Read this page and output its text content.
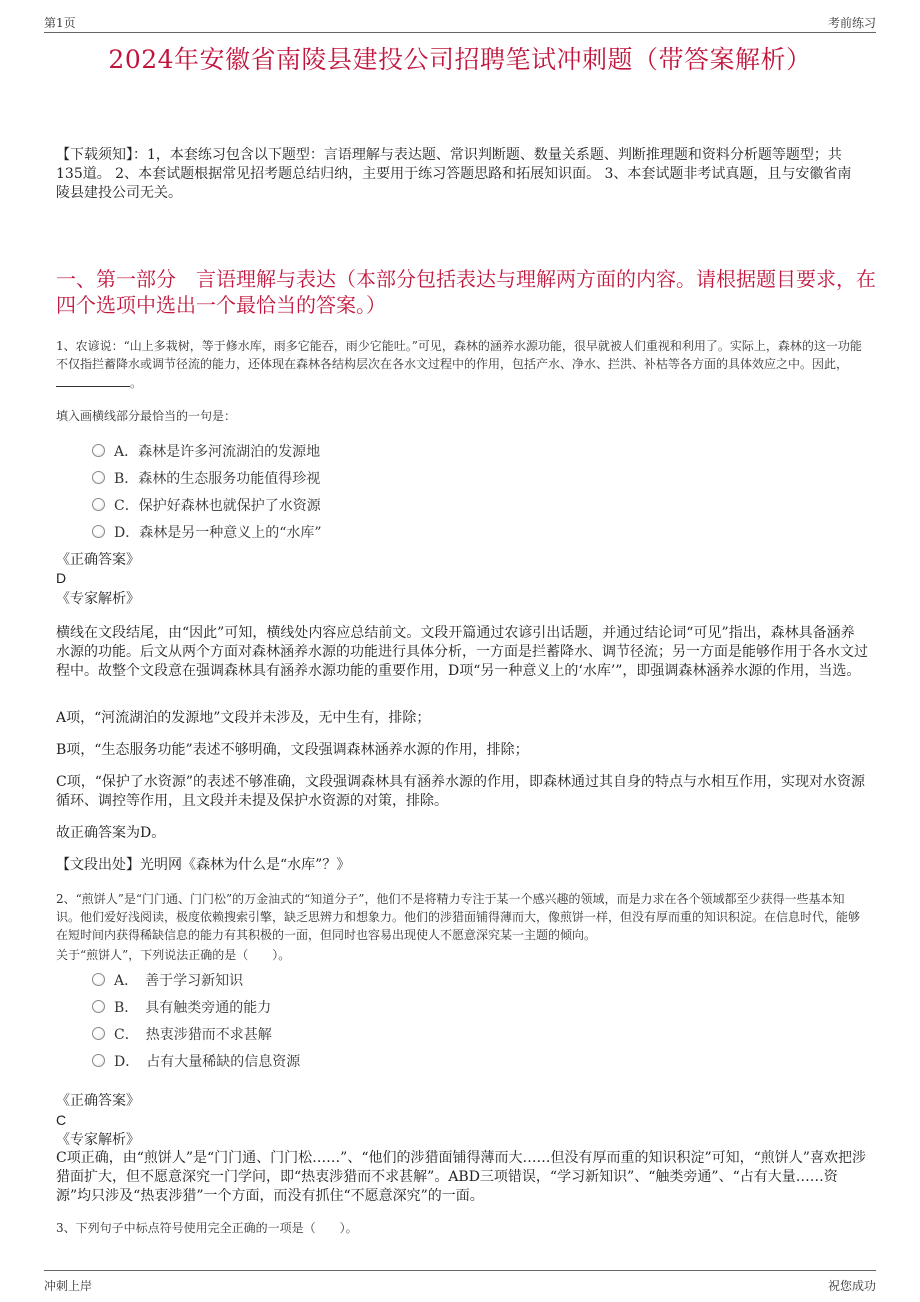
第1页	考前练习
2024年安徽省南陵县建投公司招聘笔试冲刺题（带答案解析）
【下载须知】：1，本套练习包含以下题型：言语理解与表达题、常识判断题、数量关系题、判断推理题和资料分析题等题型；共135道。 2、本套试题根据常见招考题总结归纳，主要用于练习答题思路和拓展知识面。 3、本套试题非考试真题，且与安徽省南陵县建投公司无关。
一、第一部分　言语理解与表达（本部分包括表达与理解两方面的内容。请根据题目要求，在四个选项中选出一个最恰当的答案。）
1、农谚说：“山上多栽树，等于修水库，雨多它能吞，雨少它能吐。”可见，森林的涵养水源功能，很早就被人们重视和利用了。实际上，森林的这一功能不仅指拦蓄降水或调节径流的能力，还体现在森林各结构层次在各水文过程中的作用，包括产水、净水、拦洪、补枯等各方面的具体效应之中。因此，。
填入画横线部分最恰当的一句是：
A．森林是许多河流湖泊的发源地
B．森林的生态服务功能值得珍视
C．保护好森林也就保护了水资源
D．森林是另一种意义上的“水库”
《正确答案》
D
《专家解析》
横线在文段结尾，由“因此”可知，横线处内容应总结前文。文段开篇通过农谚引出话题，并通过结论词“可见”指出，森林具备涵养水源的功能。后文从两个方面对森林涵养水源的功能进行具体分析，一方面是拦蓄降水、调节径流；另一方面是能够作用于各水文过程中。故整个文段意在强调森林具有涵养水源功能的重要作用，D项“另一种意义上的‘水库’”，即强调森林涵养水源的作用，当选。
A项，“河流湖泊的发源地”文段并未涉及，无中生有，排除；
B项，“生态服务功能”表述不够明确，文段强调森林涵养水源的作用，排除；
C项，“保护了水资源”的表述不够准确，文段强调森林具有涵养水源的作用，即森林通过其自身的特点与水相互作用，实现对水资源循环、调控等作用，且文段并未提及保护水资源的对策，排除。
故正确答案为D。
【文段出处】光明网《森林为什么是“水库”？》
2、“煎饼人”是“门门通、门门松”的万金油式的“知道分子”，他们不是将精力专注于某一个感兴趣的领域，而是力求在各个领域都至少获得一些基本知识。他们爱好浅阅读，极度依赖搜索引擎，缺乏思辨力和想象力。他们的涉猎面铺得薄而大，像煎饼一样，但没有厚而重的知识积淀。在信息时代，能够在短时间内获得稀缺信息的能力有其积极的一面，但同时也容易出现使人不愿意深究某一主题的倾向。
关于“煎饼人”，下列说法正确的是（　　）。
A．　善于学习新知识
B．　具有触类旁通的能力
C．　热衷涉猎而不求甚解
D．　占有大量稀缺的信息资源
《正确答案》
C
《专家解析》
C项正确，由“煎饼人”是“门门通、门门松……”、“他们的涉猎面铺得薄而大……但没有厚而重的知识积淀”可知，“煎饼人”喜欢把涉猎面扩大，但不愿意深究一门学问，即“热衷涉猎而不求甚解”。ABD三项错误，“学习新知识”、“触类旁通”、“占有大量……资源”均只涉及“热衷涉猎”一个方面，而没有抓住“不愿意深究”的一面。
3、下列句子中标点符号使用完全正确的一项是（　　）。
冲刺上岸	祝您成功
